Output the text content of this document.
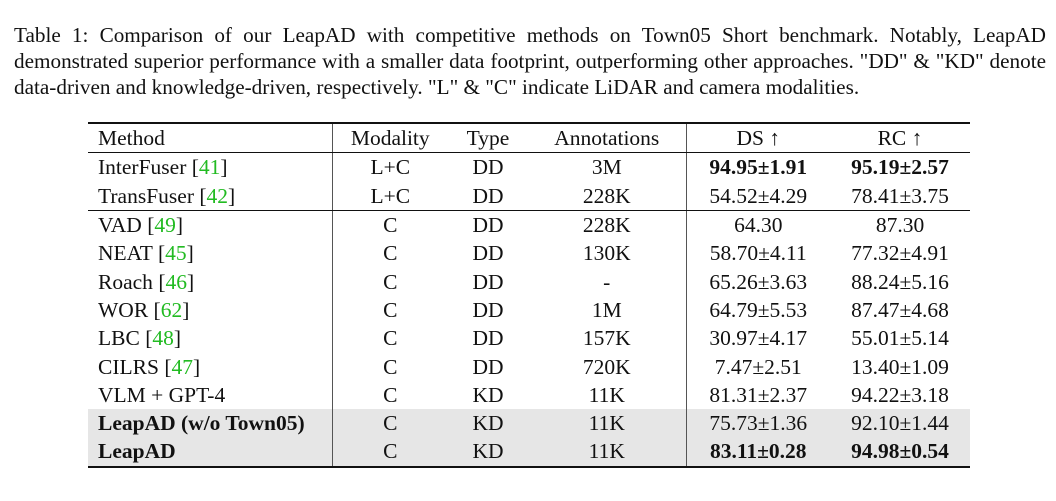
Table 1: Comparison of our LeapAD with competitive methods on Town05 Short benchmark. Notably, LeapAD demonstrated superior performance with a smaller data footprint, outperforming other approaches. "DD" & "KD" denote data-driven and knowledge-driven, respectively. "L" & "C" indicate LiDAR and camera modalities.
Method	Modality	Type	Annotations	DS ↑	RC ↑
InterFuser [41]	L+C	DD	3M	94.95±1.91	95.19±2.57
TransFuser [42]	L+C	DD	228K	54.52±4.29	78.41±3.75
VAD [49]	C	DD	228K	64.30	87.30
NEAT [45]	C	DD	130K	58.70±4.11	77.32±4.91
Roach [46]	C	DD	-	65.26±3.63	88.24±5.16
WOR [62]	C	DD	1M	64.79±5.53	87.47±4.68
LBC [48]	C	DD	157K	30.97±4.17	55.01±5.14
CILRS [47]	C	DD	720K	7.47±2.51	13.40±1.09
VLM + GPT-4	C	KD	11K	81.31±2.37	94.22±3.18
LeapAD (w/o Town05)	C	KD	11K	75.73±1.36	92.10±1.44
LeapAD	C	KD	11K	83.11±0.28	94.98±0.54
